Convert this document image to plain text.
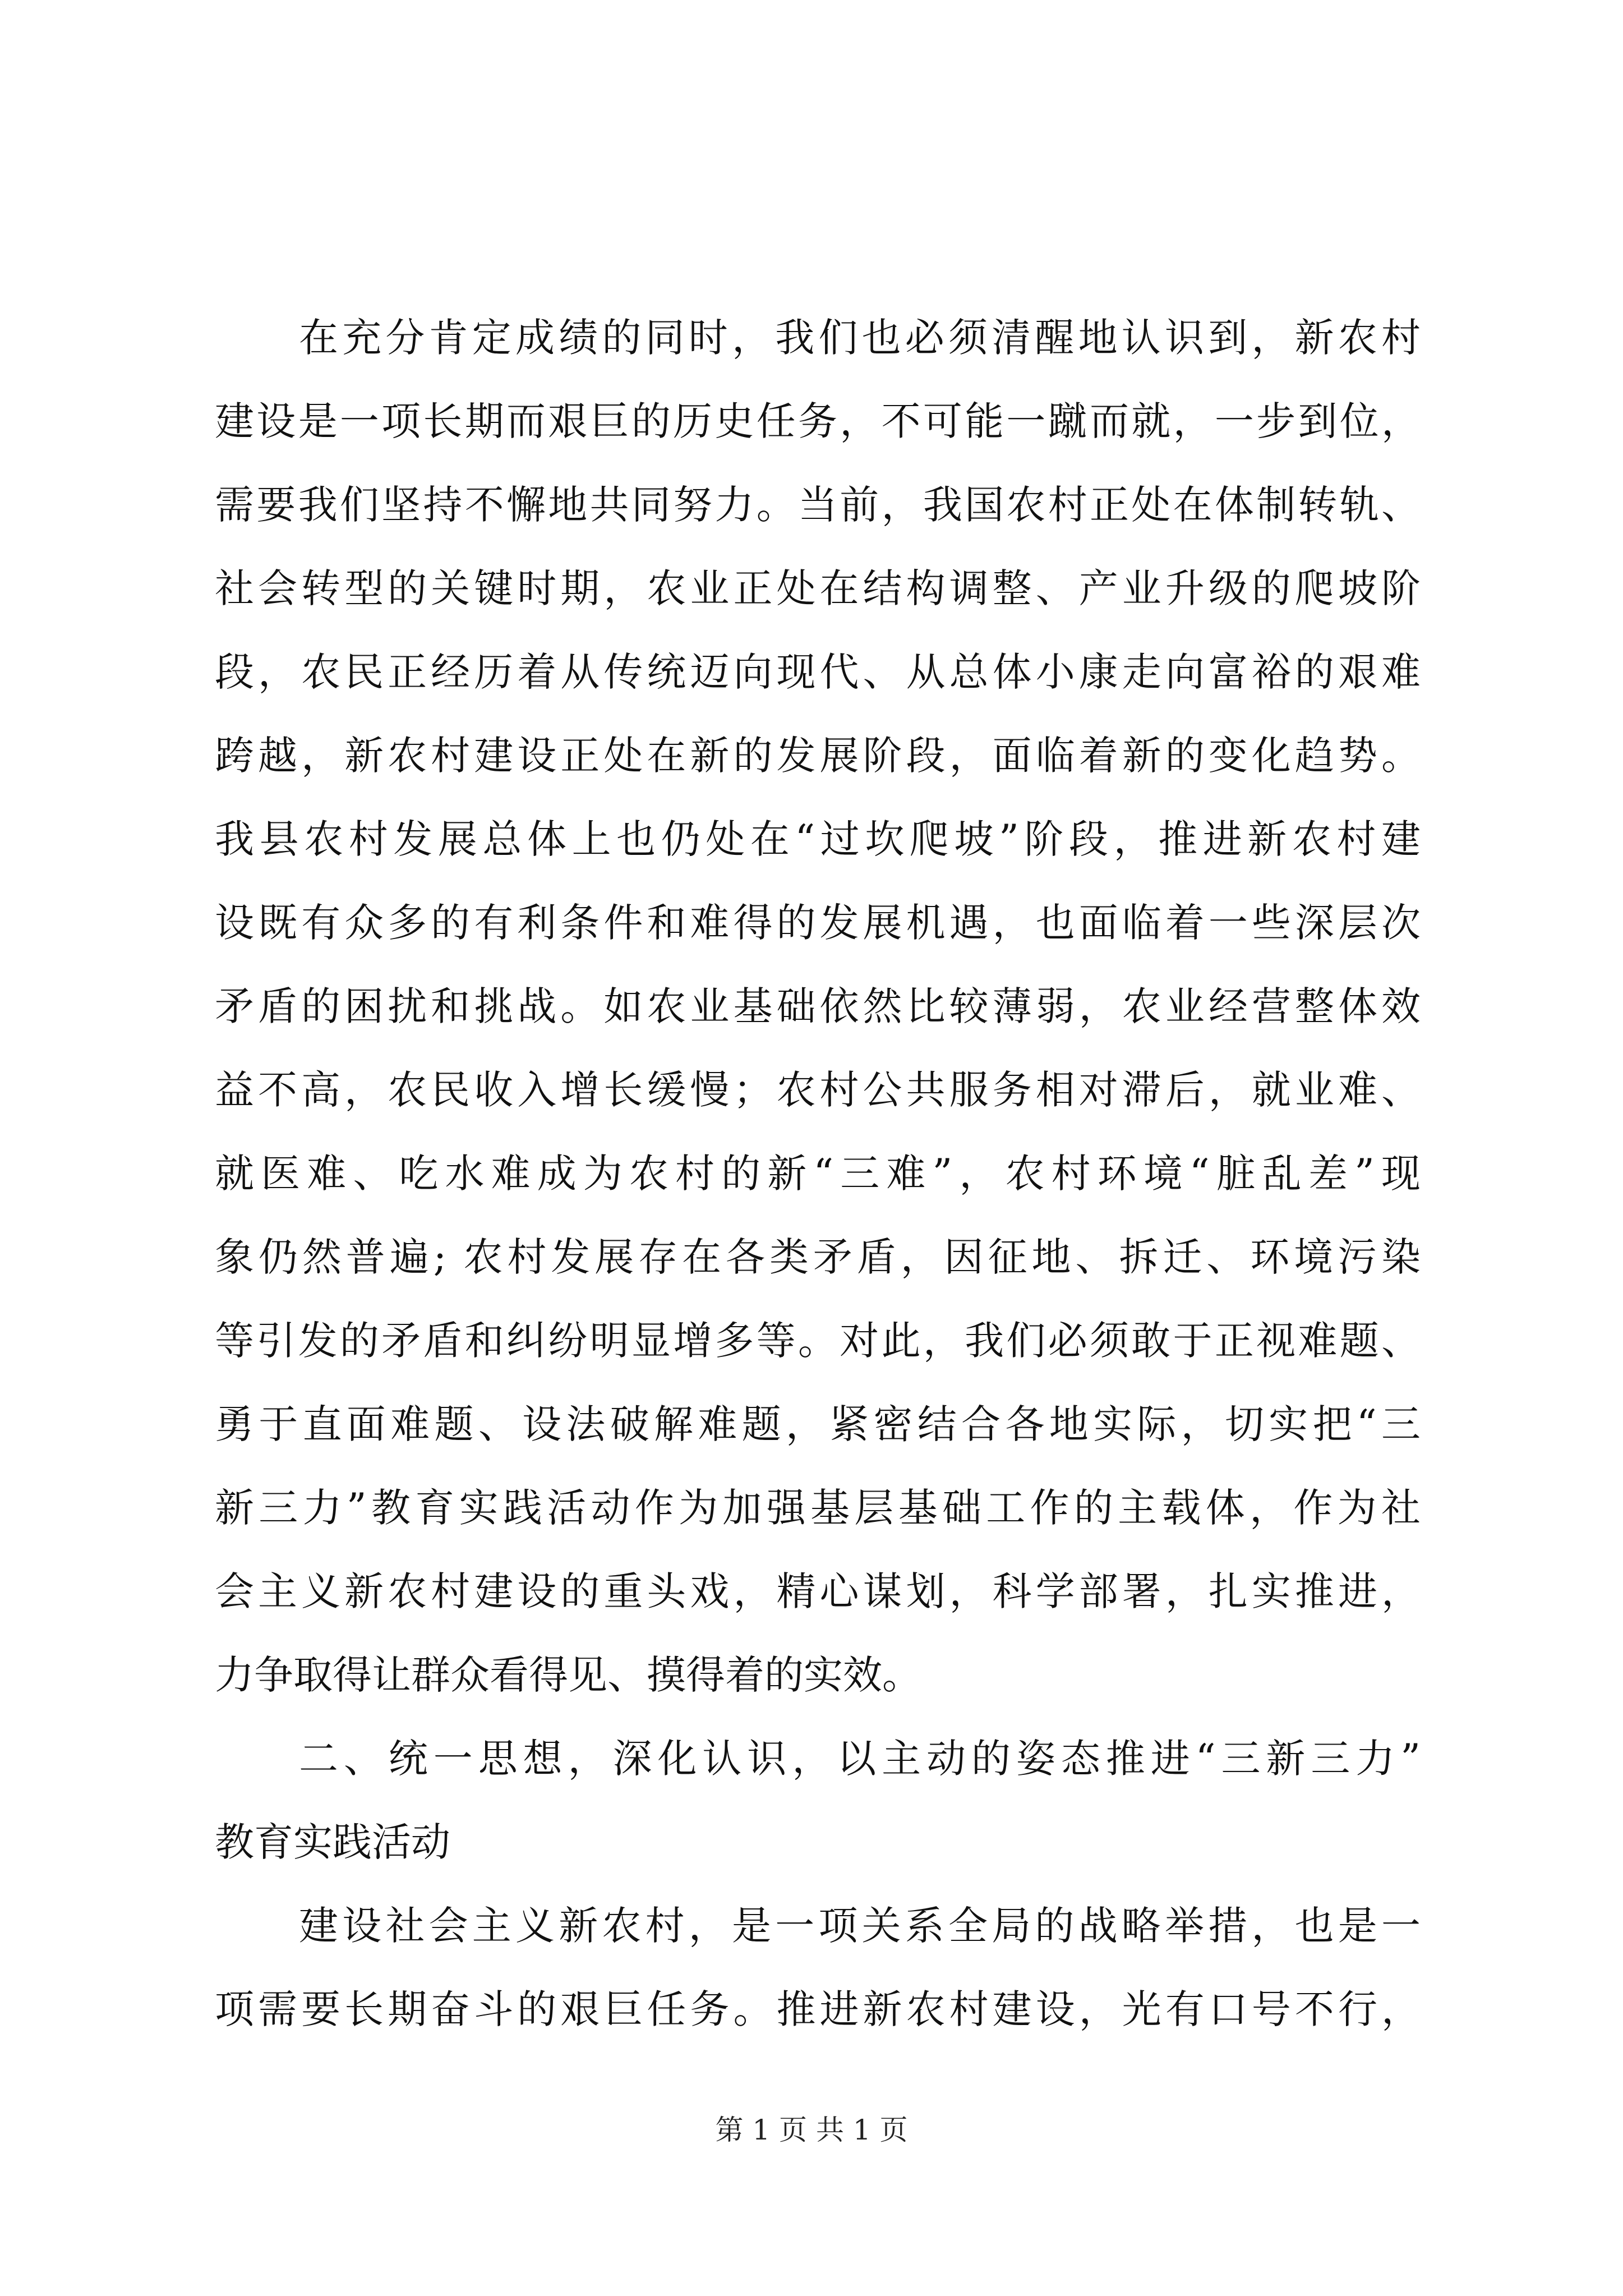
在充分肯定成绩的同时，我们也必须清醒地认识到，新农村
建设是一项长期而艰巨的历史任务，不可能一蹴而就，一步到位，
需要我们坚持不懈地共同努力。当前，我国农村正处在体制转轨、
社会转型的关键时期，农业正处在结构调整、产业升级的爬坡阶
段，农民正经历着从传统迈向现代、从总体小康走向富裕的艰难
跨越，新农村建设正处在新的发展阶段，面临着新的变化趋势。
我县农村发展总体上也仍处在“过坎爬坡”阶段，推进新农村建
设既有众多的有利条件和难得的发展机遇，也面临着一些深层次
矛盾的困扰和挑战。如农业基础依然比较薄弱，农业经营整体效
益不高，农民收入增长缓慢；农村公共服务相对滞后，就业难、
就医难、吃水难成为农村的新“三难”，农村环境“脏乱差”现
象仍然普遍; 农村发展存在各类矛盾，因征地、拆迁、环境污染
等引发的矛盾和纠纷明显增多等。对此，我们必须敢于正视难题、
勇于直面难题、设法破解难题，紧密结合各地实际，切实把“三
新三力”教育实践活动作为加强基层基础工作的主载体，作为社
会主义新农村建设的重头戏，精心谋划，科学部署，扎实推进，
力争取得让群众看得见、摸得着的实效。
二、统一思想，深化认识，以主动的姿态推进“三新三力”
教育实践活动
建设社会主义新农村，是一项关系全局的战略举措，也是一
项需要长期奋斗的艰巨任务。推进新农村建设，光有口号不行，
第 1 页 共 1 页
